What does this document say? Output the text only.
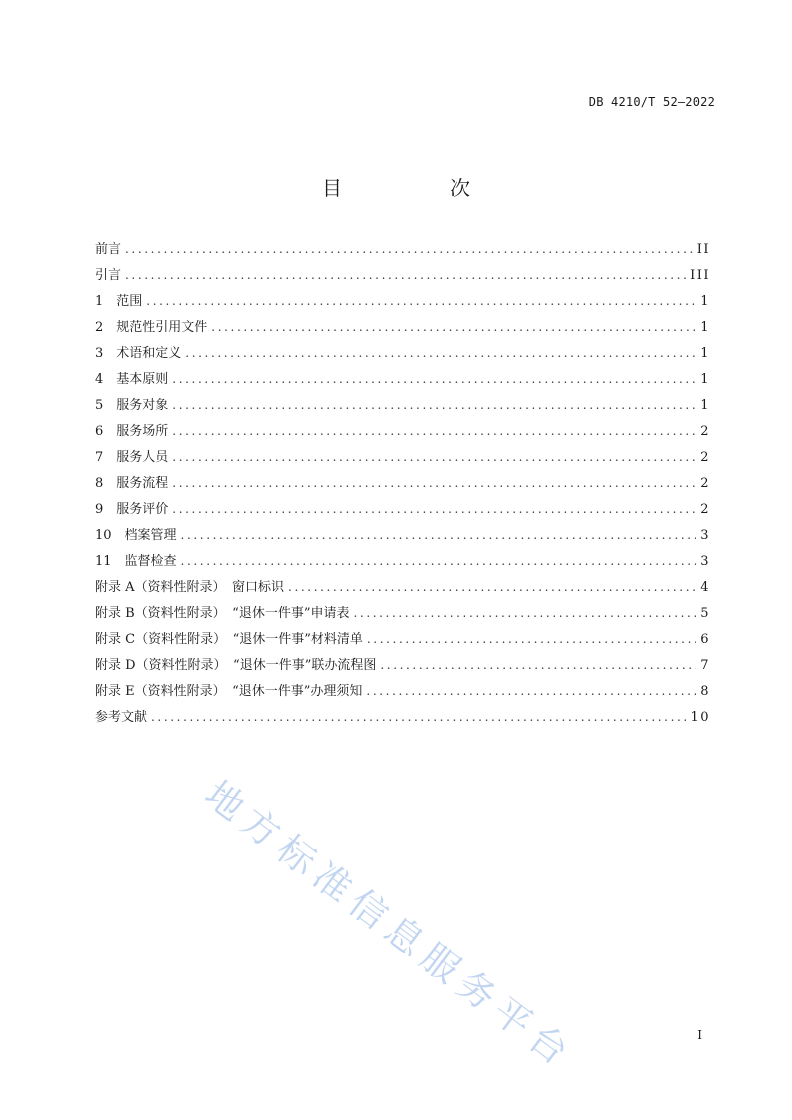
DB 4210/T 52—2022
目　次
前言 .....	II
引言 .....	III
1　范围 .....	1
2　规范性引用文件 .....	1
3　术语和定义 .....	1
4　基本原则 .....	1
5　服务对象 .....	1
6　服务场所 .....	2
7　服务人员 .....	2
8　服务流程 .....	2
9　服务评价 .....	2
10　档案管理 .....	3
11　监督检查 .....	3
附录 A（资料性附录）　窗口标识 .....	4
附录 B（资料性附录）　“退休一件事”申请表 .....	5
附录 C（资料性附录）　“退休一件事”材料清单 .....	6
附录 D（资料性附录）　“退休一件事”联办流程图 .....	7
附录 E（资料性附录）　“退休一件事”办理须知 .....	8
参考文献 .....	10
地方标准信息服务平台	I
